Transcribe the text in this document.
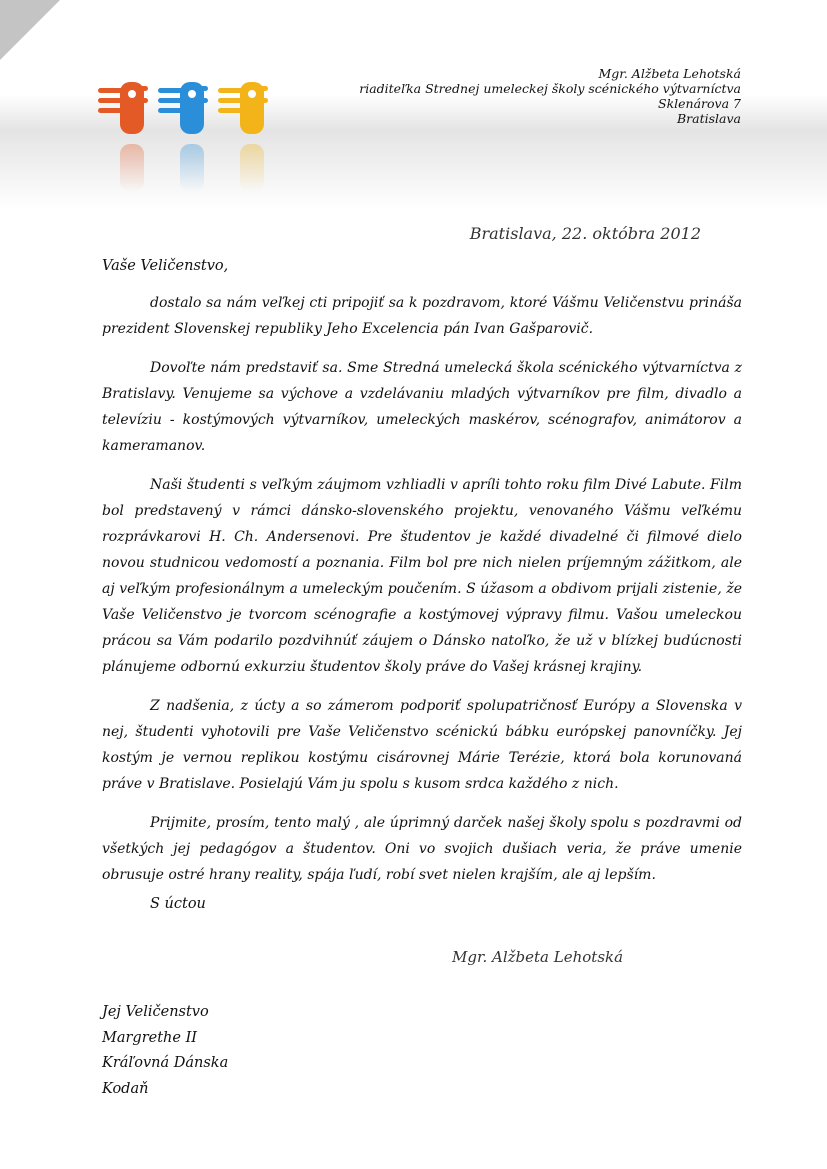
Mgr. Alžbeta Lehotská
riaditeľka Strednej umeleckej školy scénického výtvarníctva
Sklenárova 7
Bratislava
Bratislava, 22. októbra 2012
Vaše Veličenstvo,

dostalo sa nám veľkej cti pripojiť sa k pozdravom, ktoré Vášmu Veličenstvu prináša prezident Slovenskej republiky Jeho Excelencia pán Ivan Gašparovič.

Dovoľte nám predstaviť sa. Sme Stredná umelecká škola scénického výtvarníctva z Bratislavy. Venujeme sa výchove a vzdelávaniu mladých výtvarníkov pre film, divadlo a televíziu - kostýmových výtvarníkov, umeleckých maskérov, scénografov, animátorov a kameramanov.

Naši študenti s veľkým záujmom vzhliadli v apríli tohto roku film Divé Labute. Film bol predstavený v rámci dánsko-slovenského projektu, venovaného Vášmu veľkému rozprávkarovi H. Ch. Andersenovi. Pre študentov je každé divadelné či filmové dielo novou studnicou vedomostí a poznania. Film bol pre nich nielen príjemným zážitkom, ale aj veľkým profesionálnym a umeleckým poučením. S úžasom a obdivom prijali zistenie, že Vaše Veličenstvo je tvorcom scénografie a kostýmovej výpravy filmu. Vašou umeleckou prácou sa Vám podarilo pozdvihnúť záujem o Dánsko natoľko, že už v blízkej budúcnosti plánujeme odbornú exkurziu študentov školy práve do Vašej krásnej krajiny.

Z nadšenia, z úcty a so zámerom podporiť spolupatričnosť Európy a Slovenska v nej, študenti vyhotovili pre Vaše Veličenstvo scénickú bábku európskej panovníčky. Jej kostým je vernou replikou kostýmu cisárovnej Márie Terézie, ktorá bola korunovaná práve v Bratislave. Posielajú Vám ju spolu s kusom srdca každého z nich.

Prijmite, prosím, tento malý , ale úprimný darček našej školy spolu s pozdravmi od všetkých jej pedagógov a študentov. Oni vo svojich dušiach veria, že práve umenie obrusuje ostré hrany reality, spája ľudí, robí svet nielen krajším, ale aj lepším.

S úctou
Mgr. Alžbeta Lehotská
Jej Veličenstvo
Margrethe II
Kráľovná Dánska
Kodaň
